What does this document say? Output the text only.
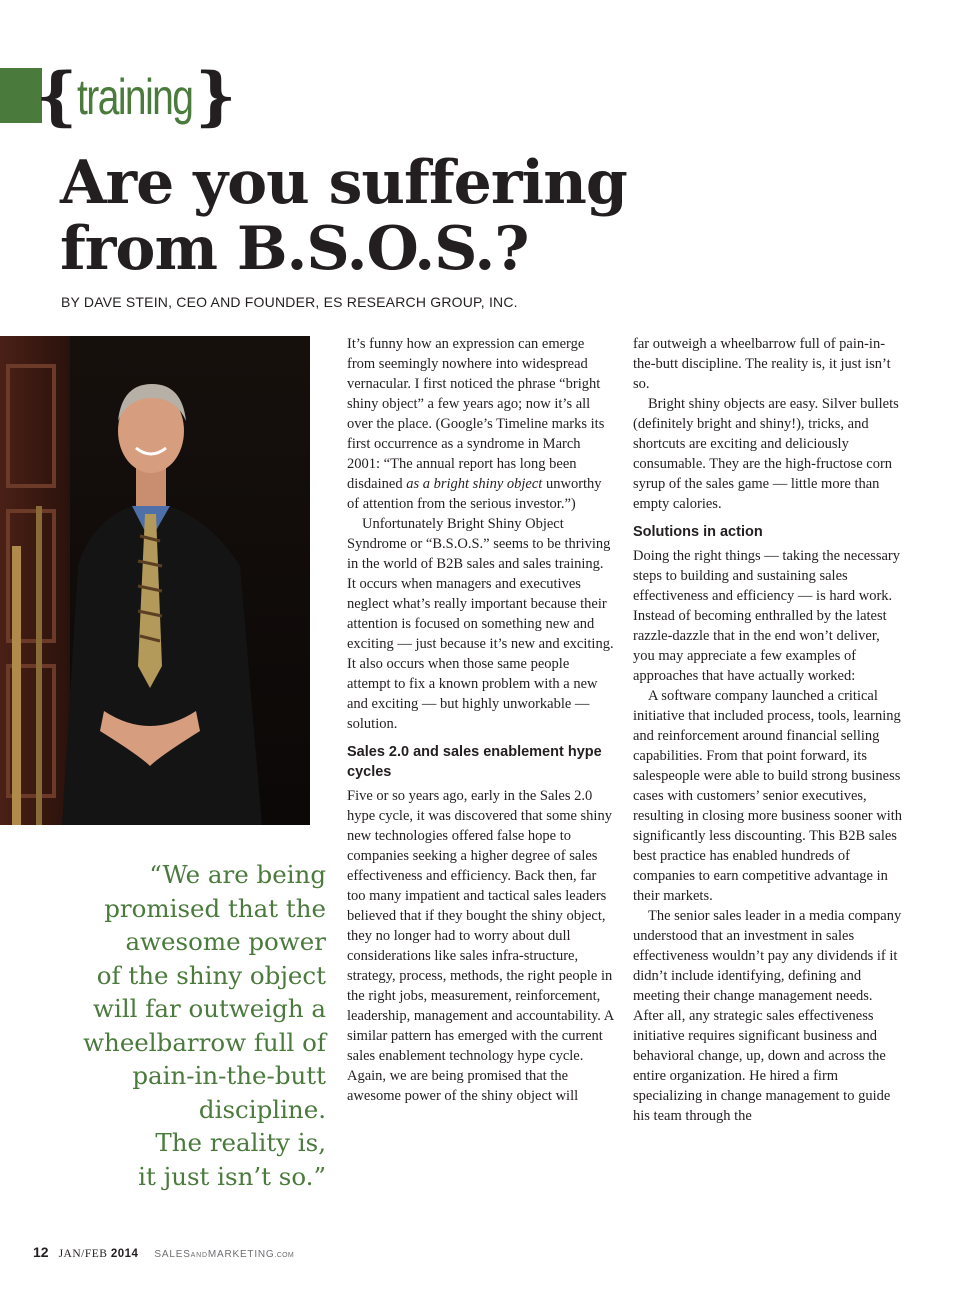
{ training }
Are you suffering
from B.S.O.S.?
BY DAVE STEIN, CEO AND FOUNDER, ES RESEARCH GROUP, INC.
“We are being
promised that the
awesome power
of the shiny object
will far outweigh a
wheelbarrow full of
pain-in-the-butt
discipline.
The reality is,
it just isn’t so.”

It’s funny how an expression can emerge from seemingly nowhere into widespread vernacular. I first noticed the phrase “bright shiny object” a few years ago; now it’s all over the place. (Google’s Timeline marks its first occurrence as a syndrome in March 2001: “The annual report has long been disdained as a bright shiny object unworthy of attention from the serious investor.”)

Unfortunately Bright Shiny Object Syndrome or “B.S.O.S.” seems to be thriving in the world of B2B sales and sales training. It occurs when managers and executives neglect what’s really important because their attention is focused on something new and exciting — just because it’s new and exciting. It also occurs when those same people attempt to fix a known problem with a new and exciting — but highly unworkable — solution.

Sales 2.0 and sales enablement hype cycles

Five or so years ago, early in the Sales 2.0 hype cycle, it was discovered that some shiny new technologies offered false hope to companies seeking a higher degree of sales effectiveness and efficiency. Back then, far too many impatient and tactical sales leaders believed that if they bought the shiny object, they no longer had to worry about dull considerations like sales infra-structure, strategy, process, methods, the right people in the right jobs, measurement, reinforcement, leadership, management and accountability. A similar pattern has emerged with the current sales enablement technology hype cycle. Again, we are being promised that the awesome power of the shiny object will

far outweigh a wheelbarrow full of pain-in-the-butt discipline. The reality is, it just isn’t so.

Bright shiny objects are easy. Silver bullets (definitely bright and shiny!), tricks, and shortcuts are exciting and deliciously consumable. They are the high-fructose corn syrup of the sales game — little more than empty calories.

Solutions in action

Doing the right things — taking the necessary steps to building and sustaining sales effectiveness and efficiency — is hard work. Instead of becoming enthralled by the latest razzle-dazzle that in the end won’t deliver, you may appreciate a few examples of approaches that have actually worked:

A software company launched a critical initiative that included process, tools, learning and reinforcement around financial selling capabilities. From that point forward, its salespeople were able to build strong business cases with customers’ senior executives, resulting in closing more business sooner with significantly less discounting. This B2B sales best practice has enabled hundreds of companies to earn competitive advantage in their markets.

The senior sales leader in a media company understood that an investment in sales effectiveness wouldn’t pay any dividends if it didn’t include identifying, defining and meeting their change management needs. After all, any strategic sales effectiveness initiative requires significant business and behavioral change, up, down and across the entire organization. He hired a firm specializing in change management to guide his team through the

12 JAN/FEB 2014 SALESANDMARKETING.COM
